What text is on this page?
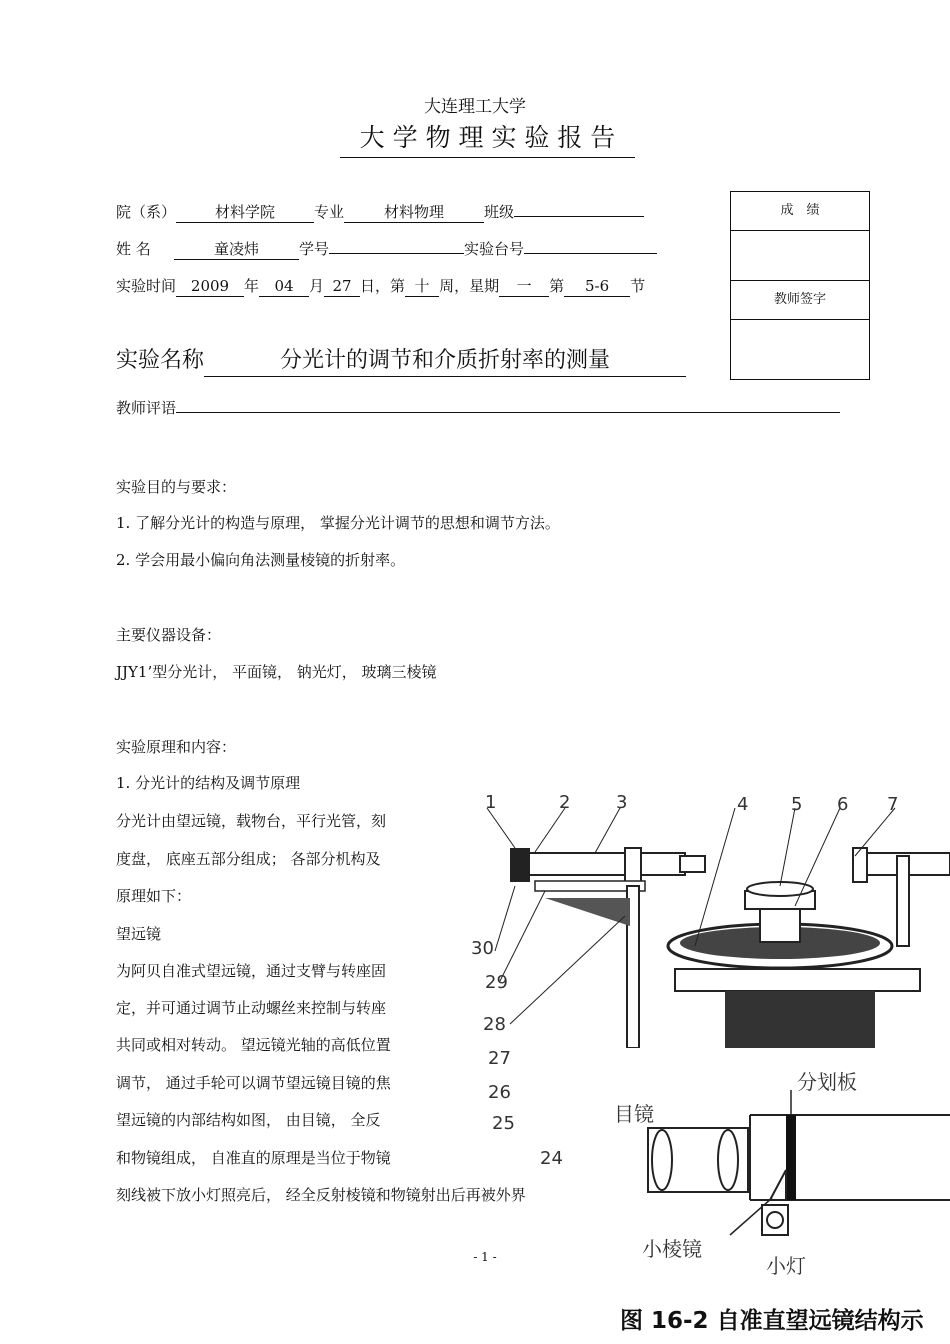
大连理工大学
大 学 物 理 实 验 报 告
院（系）	材料学院	专业	材料物理	班级
姓 名	童凌炜	学号	实验台号
实验时间 2009 年 04 月 27 日，第 十 周，星期 一 第 5-6 节
成　绩
教师签字
实验名称	分光计的调节和介质折射率的测量
教师评语
实验目的与要求：
1. 了解分光计的构造与原理， 掌握分光计调节的思想和调节方法。
2. 学会用最小偏向角法测量棱镜的折射率。
主要仪器设备：
JJY1’型分光计， 平面镜， 钠光灯， 玻璃三棱镜
实验原理和内容：
1. 分光计的结构及调节原理
分光计由望远镜，载物台，平行光管，刻
度盘， 底座五部分组成； 各部分机构及
原理如下：
望远镜
为阿贝自准式望远镜，通过支臂与转座固
定，并可通过调节止动螺丝来控制与转座
共同或相对转动。 望远镜光轴的高低位置
调节， 通过手轮可以调节望远镜目镜的焦
望远镜的内部结构如图， 由目镜， 全反
和物镜组成， 自准直的原理是当位于物镜
刻线被下放小灯照亮后， 经全反射棱镜和物镜射出后再被外界
1	2	3	4 5 6 7
30
29
28
27
26
25
24
分划板
目镜
小棱镜
小灯
图 16-2 自准直望远镜结构示
- 1 -
